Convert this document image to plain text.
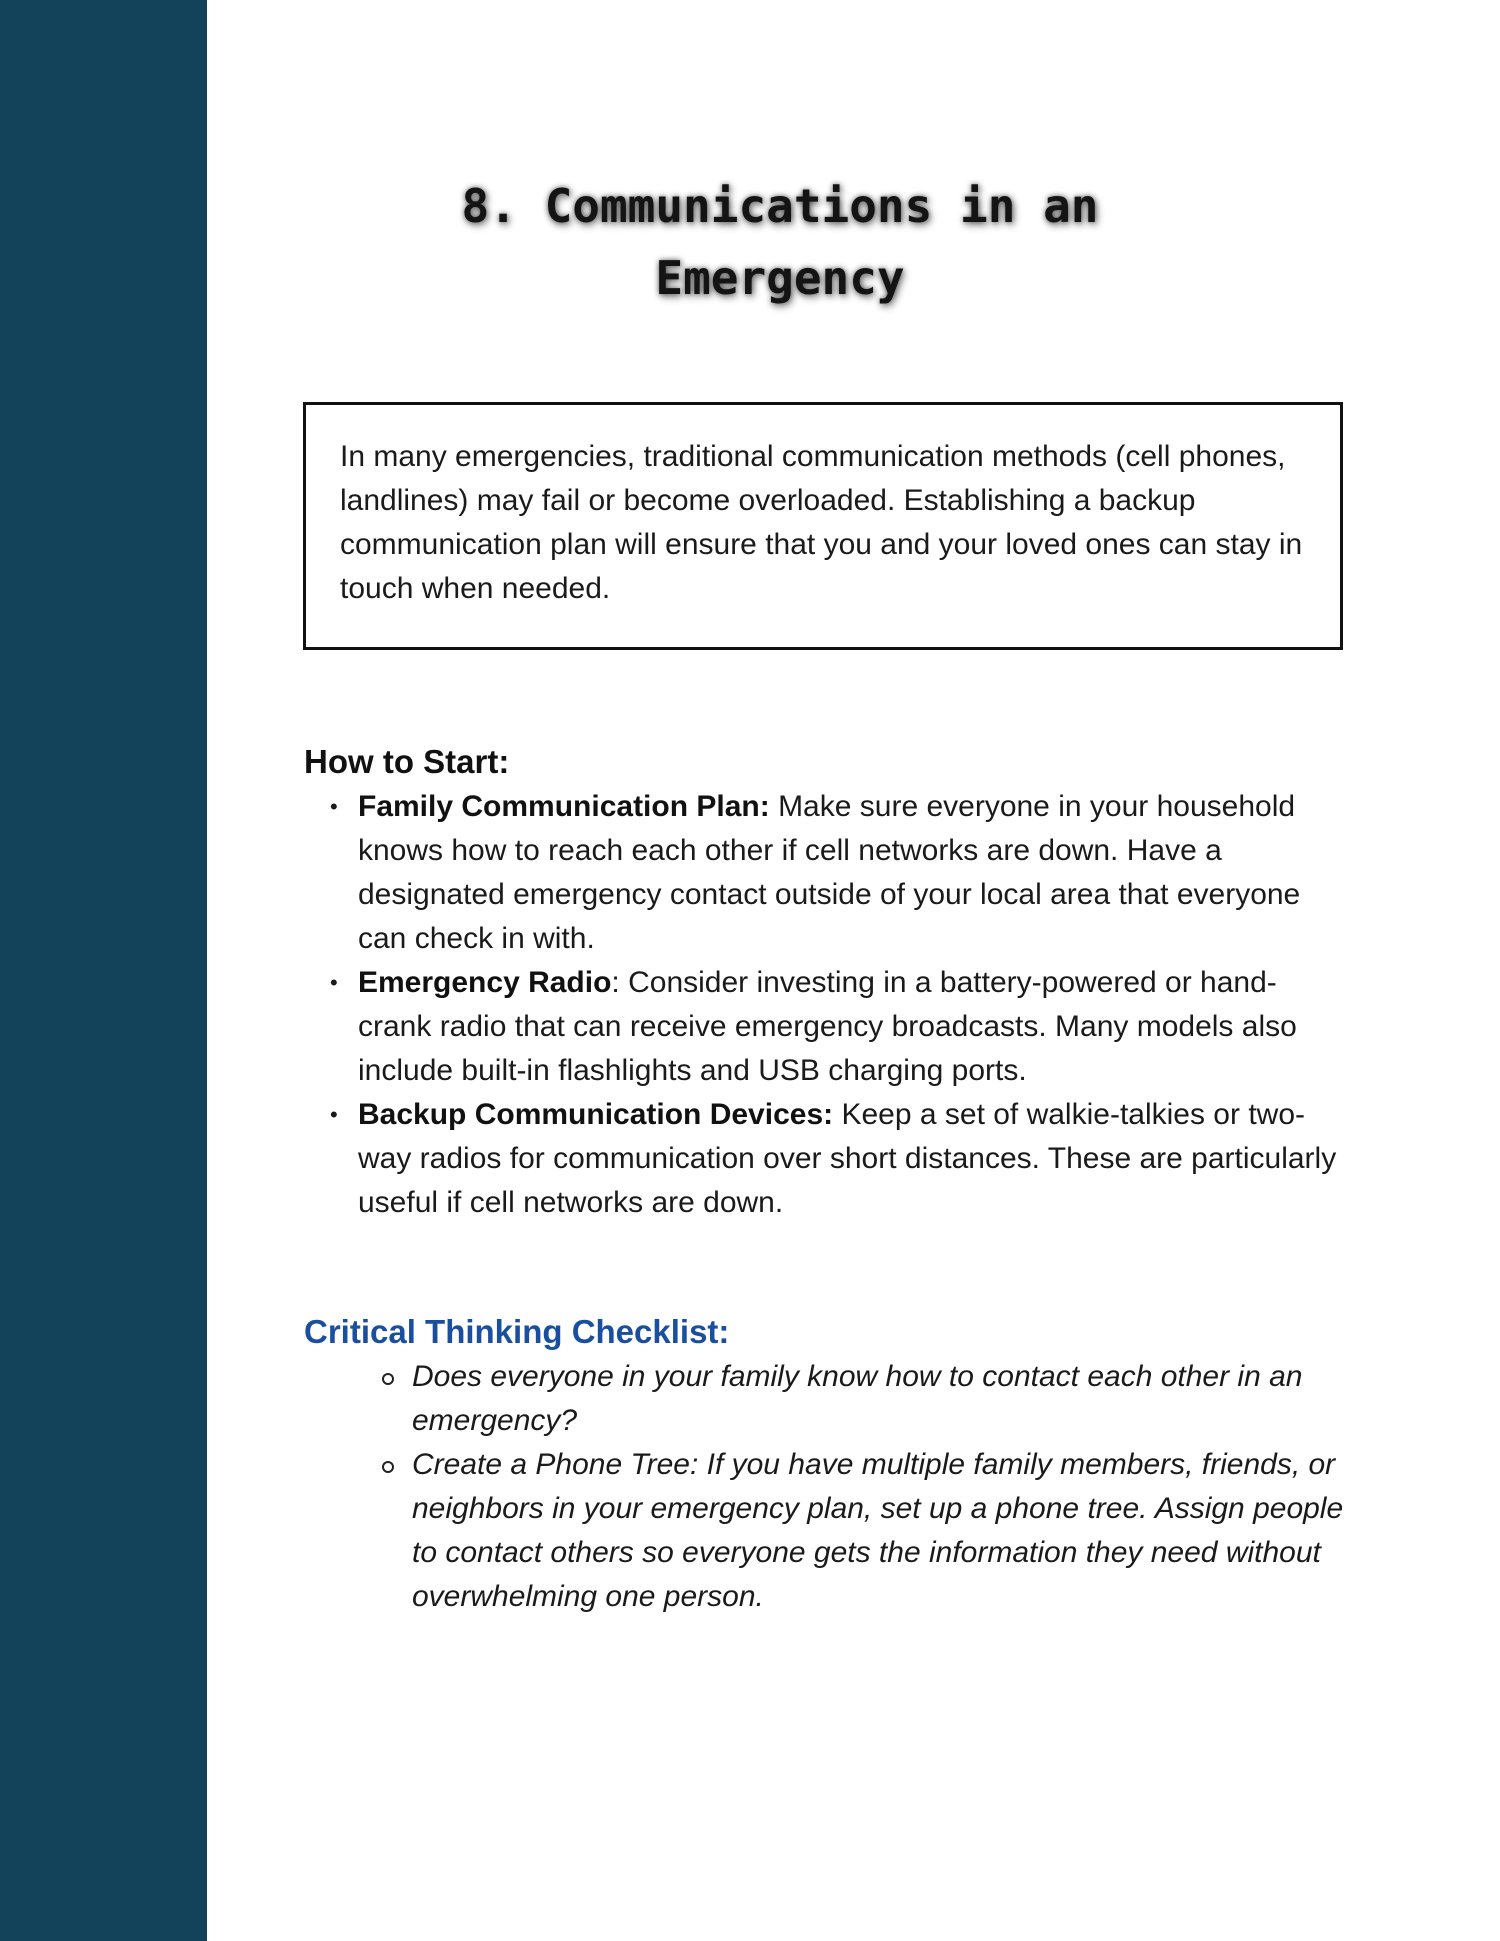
8. Communications in an
Emergency

In many emergencies, traditional communication methods (cell phones, landlines) may fail or become overloaded. Establishing a backup communication plan will ensure that you and your loved ones can stay in touch when needed.

How to Start:
• Family Communication Plan: Make sure everyone in your household knows how to reach each other if cell networks are down. Have a designated emergency contact outside of your local area that everyone can check in with.
• Emergency Radio: Consider investing in a battery-powered or hand-crank radio that can receive emergency broadcasts. Many models also include built-in flashlights and USB charging ports.
• Backup Communication Devices: Keep a set of walkie-talkies or two-way radios for communication over short distances. These are particularly useful if cell networks are down.
Critical Thinking Checklist:
Does everyone in your family know how to contact each other in an emergency?
Create a Phone Tree: If you have multiple family members, friends, or neighbors in your emergency plan, set up a phone tree. Assign people to contact others so everyone gets the information they need without overwhelming one person.
